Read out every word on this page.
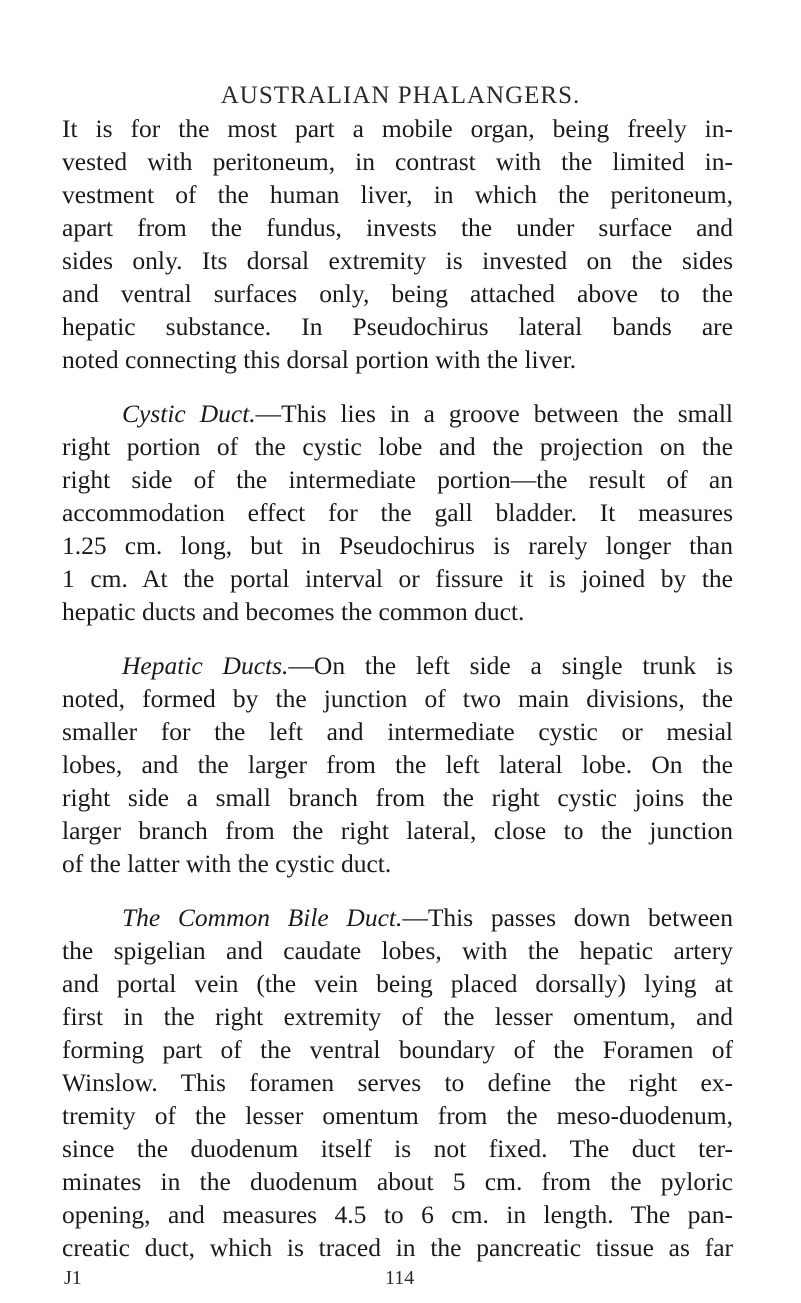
AUSTRALIAN PHALANGERS.
It is for the most part a mobile organ, being freely in-
vested with peritoneum, in contrast with the limited in-
vestment of the human liver, in which the peritoneum,
apart from the fundus, invests the under surface and
sides only. Its dorsal extremity is invested on the sides
and ventral surfaces only, being attached above to the
hepatic substance. In Pseudochirus lateral bands are
noted connecting this dorsal portion with the liver.
Cystic Duct.—This lies in a groove between the small
right portion of the cystic lobe and the projection on the
right side of the intermediate portion—the result of an
accommodation effect for the gall bladder. It measures
1.25 cm. long, but in Pseudochirus is rarely longer than
1 cm. At the portal interval or fissure it is joined by the
hepatic ducts and becomes the common duct.
Hepatic Ducts.—On the left side a single trunk is
noted, formed by the junction of two main divisions, the
smaller for the left and intermediate cystic or mesial
lobes, and the larger from the left lateral lobe. On the
right side a small branch from the right cystic joins the
larger branch from the right lateral, close to the junction
of the latter with the cystic duct.
The Common Bile Duct.—This passes down between
the spigelian and caudate lobes, with the hepatic artery
and portal vein (the vein being placed dorsally) lying at
first in the right extremity of the lesser omentum, and
forming part of the ventral boundary of the Foramen of
Winslow. This foramen serves to define the right ex-
tremity of the lesser omentum from the meso-duodenum,
since the duodenum itself is not fixed. The duct ter-
minates in the duodenum about 5 cm. from the pyloric
opening, and measures 4.5 to 6 cm. in length. The pan-
creatic duct, which is traced in the pancreatic tissue as far
J1	114
